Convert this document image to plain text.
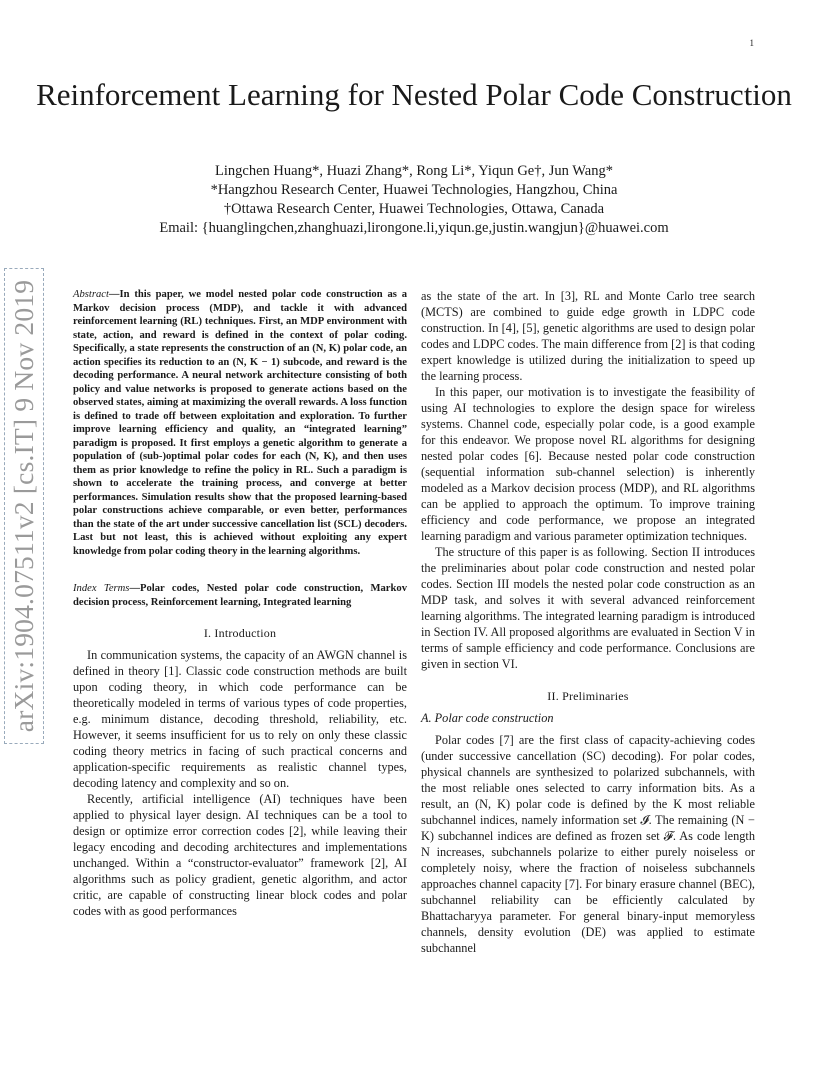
1
arXiv:1904.07511v2 [cs.IT] 9 Nov 2019
Reinforcement Learning for Nested Polar Code Construction
Lingchen Huang*, Huazi Zhang*, Rong Li*, Yiqun Ge†, Jun Wang*
*Hangzhou Research Center, Huawei Technologies, Hangzhou, China
†Ottawa Research Center, Huawei Technologies, Ottawa, Canada
Email: {huanglingchen,zhanghuazi,lirongone.li,yiqun.ge,justin.wangjun}@huawei.com

Abstract—In this paper, we model nested polar code construction as a Markov decision process (MDP), and tackle it with advanced reinforcement learning (RL) techniques. First, an MDP environment with state, action, and reward is defined in the context of polar coding. Specifically, a state represents the construction of an (N, K) polar code, an action specifies its reduction to an (N, K − 1) subcode, and reward is the decoding performance. A neural network architecture consisting of both policy and value networks is proposed to generate actions based on the observed states, aiming at maximizing the overall rewards. A loss function is defined to trade off between exploitation and exploration. To further improve learning efficiency and quality, an “integrated learning” paradigm is proposed. It first employs a genetic algorithm to generate a population of (sub-)optimal polar codes for each (N, K), and then uses them as prior knowledge to refine the policy in RL. Such a paradigm is shown to accelerate the training process, and converge at better performances. Simulation results show that the proposed learning-based polar constructions achieve comparable, or even better, performances than the state of the art under successive cancellation list (SCL) decoders. Last but not least, this is achieved without exploiting any expert knowledge from polar coding theory in the learning algorithms.

Index Terms—Polar codes, Nested polar code construction, Markov decision process, Reinforcement learning, Integrated learning

I. Introduction

In communication systems, the capacity of an AWGN channel is defined in theory [1]. Classic code construction methods are built upon coding theory, in which code performance can be theoretically modeled in terms of various types of code properties, e.g. minimum distance, decoding threshold, reliability, etc. However, it seems insufficient for us to rely on only these classic coding theory metrics in facing of such practical concerns and application-specific requirements as realistic channel types, decoding latency and complexity and so on.

Recently, artificial intelligence (AI) techniques have been applied to physical layer design. AI techniques can be a tool to design or optimize error correction codes [2], while leaving their legacy encoding and decoding architectures and implementations unchanged. Within a “constructor-evaluator” framework [2], AI algorithms such as policy gradient, genetic algorithm, and actor critic, are capable of constructing linear block codes and polar codes with as good performances

as the state of the art. In [3], RL and Monte Carlo tree search (MCTS) are combined to guide edge growth in LDPC code construction. In [4], [5], genetic algorithms are used to design polar codes and LDPC codes. The main difference from [2] is that coding expert knowledge is utilized during the initialization to speed up the learning process.

In this paper, our motivation is to investigate the feasibility of using AI technologies to explore the design space for wireless systems. Channel code, especially polar code, is a good example for this endeavor. We propose novel RL algorithms for designing nested polar codes [6]. Because nested polar code construction (sequential information sub-channel selection) is inherently modeled as a Markov decision process (MDP), and RL algorithms can be applied to approach the optimum. To improve training efficiency and code performance, we propose an integrated learning paradigm and various parameter optimization techniques.

The structure of this paper is as following. Section II introduces the preliminaries about polar code construction and nested polar codes. Section III models the nested polar code construction as an MDP task, and solves it with several advanced reinforcement learning algorithms. The integrated learning paradigm is introduced in Section IV. All proposed algorithms are evaluated in Section V in terms of sample efficiency and code performance. Conclusions are given in section VI.

II. Preliminaries

A. Polar code construction

Polar codes [7] are the first class of capacity-achieving codes (under successive cancellation (SC) decoding). For polar codes, physical channels are synthesized to polarized subchannels, with the most reliable ones selected to carry information bits. As a result, an (N, K) polar code is defined by the K most reliable subchannel indices, namely information set 𝓘. The remaining (N − K) subchannel indices are defined as frozen set 𝓕. As code length N increases, subchannels polarize to either purely noiseless or completely noisy, where the fraction of noiseless subchannels approaches channel capacity [7]. For binary erasure channel (BEC), subchannel reliability can be efficiently calculated by Bhattacharyya parameter. For general binary-input memoryless channels, density evolution (DE) was applied to estimate subchannel
